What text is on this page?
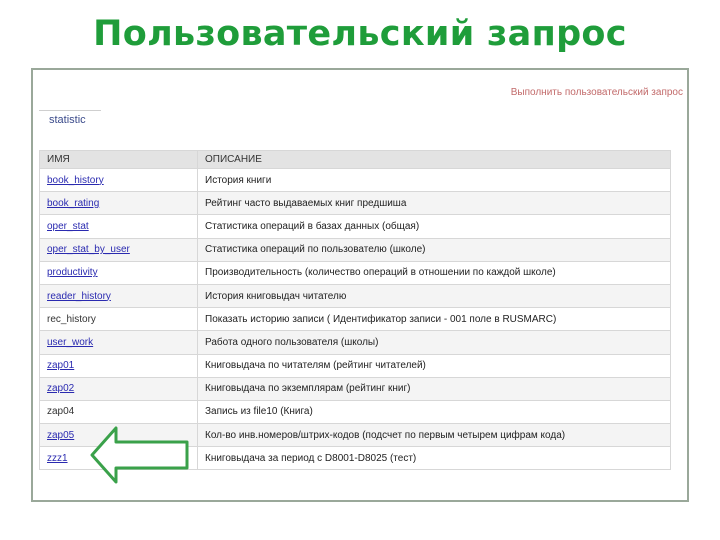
Пользовательский запрос
Выполнить пользовательский запрос
statistic
ИМЯ	ОПИСАНИЕ
book_history	История книги
book_rating	Рейтинг часто выдаваемых книг предшиша
oper_stat	Статистика операций в базах данных (общая)
oper_stat_by_user	Статистика операций по пользователю (школе)
productivity	Производительность (количество операций в отношении по каждой школе)
reader_history	История книговыдач читателю
rec_history	Показать историю записи ( Идентификатор записи - 001 поле в RUSMARC)
user_work	Работа одного пользователя (школы)
zap01	Книговыдача по читателям (рейтинг читателей)
zap02	Книговыдача по экземплярам (рейтинг книг)
zap04	Запись из file10 (Книга)
zap05	Кол-во инв.номеров/штрих-кодов (подсчет по первым четырем цифрам кода)
zzz1	Книговыдача за период с D8001-D8025 (тест)
